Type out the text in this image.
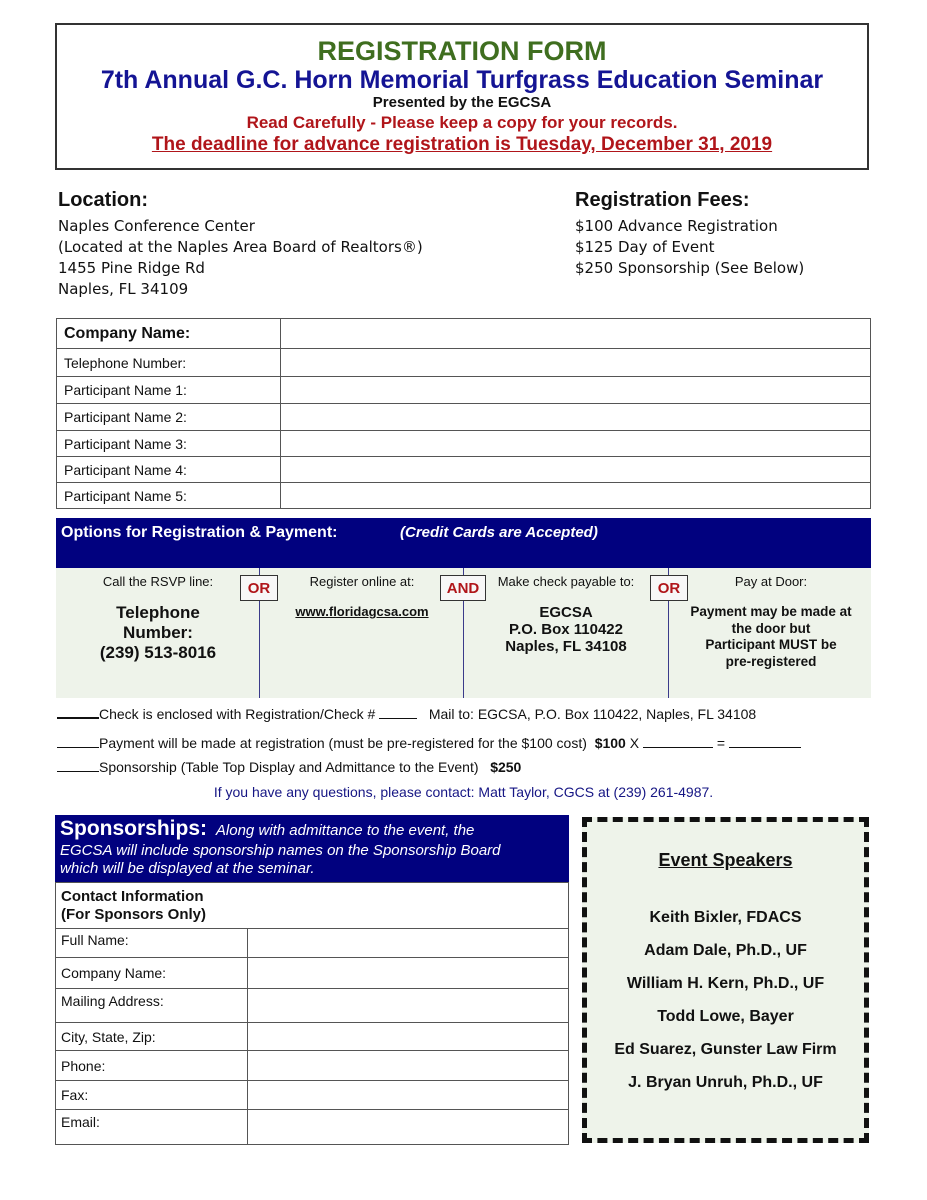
REGISTRATION FORM
7th Annual G.C. Horn Memorial Turfgrass Education Seminar
Presented by the EGCSA
Read Carefully - Please keep a copy for your records.
The deadline for advance registration is Tuesday, December 31, 2019
Location:
Naples Conference Center
(Located at the Naples Area Board of Realtors®)
1455 Pine Ridge Rd
Naples, FL 34109
Registration Fees:
$100 Advance Registration
$125 Day of Event
$250 Sponsorship (See Below)
Company Name:	

Telephone Number:	

Participant Name 1:	

Participant Name 2:	

Participant Name 3:	

Participant Name 4:	

Participant Name 5:	
Options for Registration & Payment:	(Credit Cards are Accepted)
Call the RSVP line:
Telephone
Number:
(239) 513-8016
Register online at:
www.floridagcsa.com
Make check payable to:
EGCSA
P.O. Box 110422
Naples, FL 34108
Pay at Door:
Payment may be made at
the door but
Participant MUST be
pre-registered
OR	AND	OR
Check is enclosed with Registration/Check #	Mail to: EGCSA, P.O. Box 110422, Naples, FL 34108
Payment will be made at registration (must be pre-registered for the $100 cost) $100 X	=
Sponsorship (Table Top Display and Admittance to the Event) $250
If you have any questions, please contact: Matt Taylor, CGCS at (239) 261-4987.
Sponsorships: Along with admittance to the event, the
EGCSA will include sponsorship names on the Sponsorship Board
which will be displayed at the seminar.
Contact Information
(For Sponsors Only)
Full Name:	

Company Name:	

Mailing Address:	

City, State, Zip:	

Phone:	

Fax:	

Email:	
Event Speakers
Keith Bixler, FDACS
Adam Dale, Ph.D., UF
William H. Kern, Ph.D., UF
Todd Lowe, Bayer
Ed Suarez, Gunster Law Firm
J. Bryan Unruh, Ph.D., UF
